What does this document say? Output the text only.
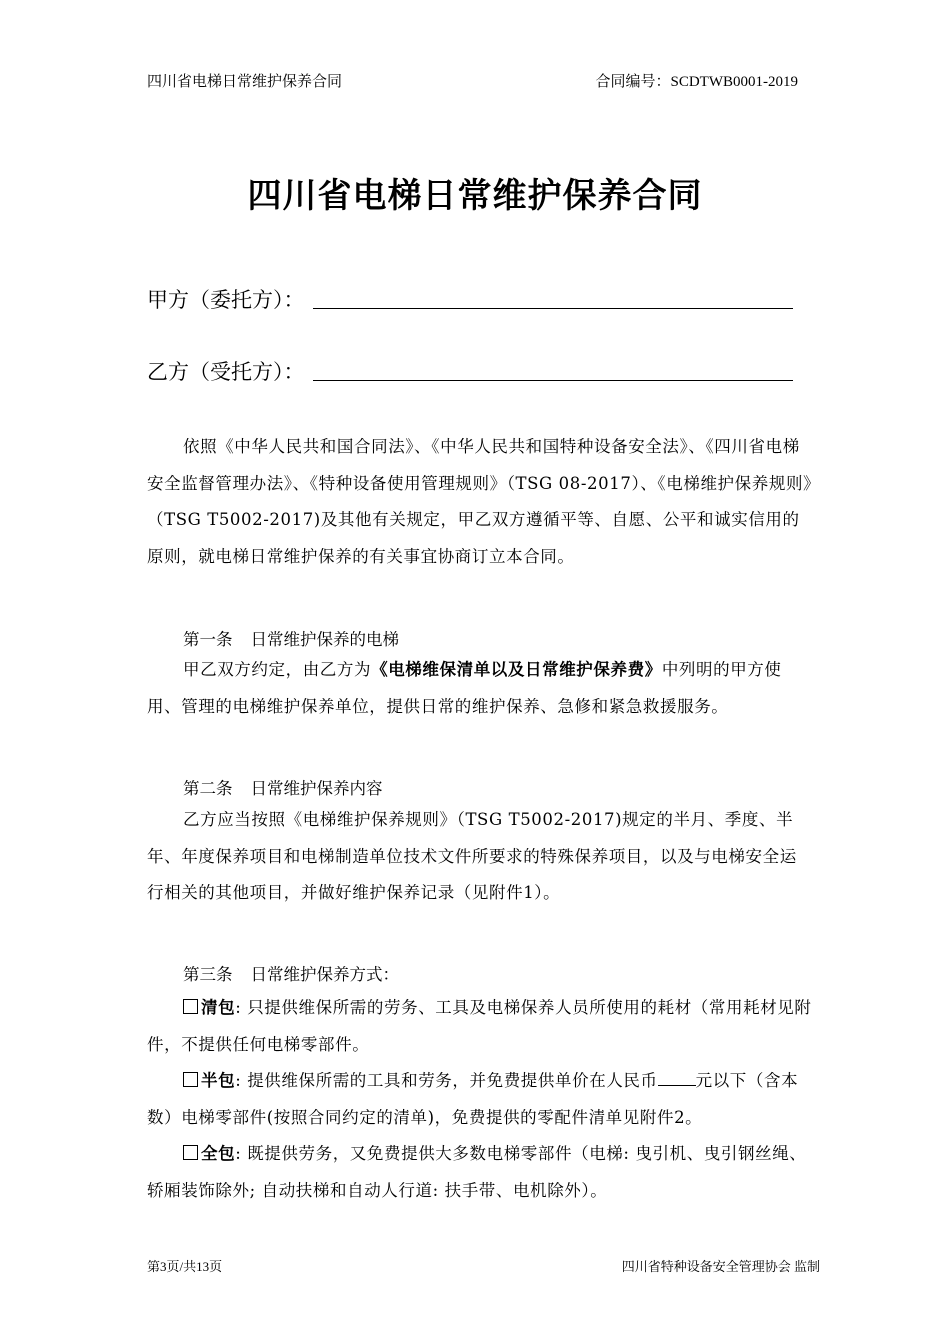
四川省电梯日常维护保养合同	合同编号：SCDTWB0001-2019
四川省电梯日常维护保养合同
甲方（委托方）：
乙方（受托方）：
依照《中华人民共和国合同法》、《中华人民共和国特种设备安全法》、《四川省电梯安全监督管理办法》、《特种设备使用管理规则》（TSG 08-2017）、《电梯维护保养规则》（TSG T5002-2017)及其他有关规定，甲乙双方遵循平等、自愿、公平和诚实信用的原则，就电梯日常维护保养的有关事宜协商订立本合同。
第一条 日常维护保养的电梯
甲乙双方约定，由乙方为《电梯维保清单以及日常维护保养费》中列明的甲方使用、管理的电梯维护保养单位，提供日常的维护保养、急修和紧急救援服务。
第二条 日常维护保养内容
乙方应当按照《电梯维护保养规则》（TSG T5002-2017)规定的半月、季度、半年、年度保养项目和电梯制造单位技术文件所要求的特殊保养项目，以及与电梯安全运行相关的其他项目，并做好维护保养记录（见附件1）。
第三条 日常维护保养方式：
清包: 只提供维保所需的劳务、工具及电梯保养人员所使用的耗材（常用耗材见附件，不提供任何电梯零部件。
半包: 提供维保所需的工具和劳务，并免费提供单价在人民币 元以下（含本数）电梯零部件(按照合同约定的清单)，免费提供的零配件清单见附件2。
全包: 既提供劳务，又免费提供大多数电梯零部件（电梯: 曳引机、曳引钢丝绳、轿厢装饰除外; 自动扶梯和自动人行道: 扶手带、电机除外）。
第3页/共13页	四川省特种设备安全管理协会 监制
